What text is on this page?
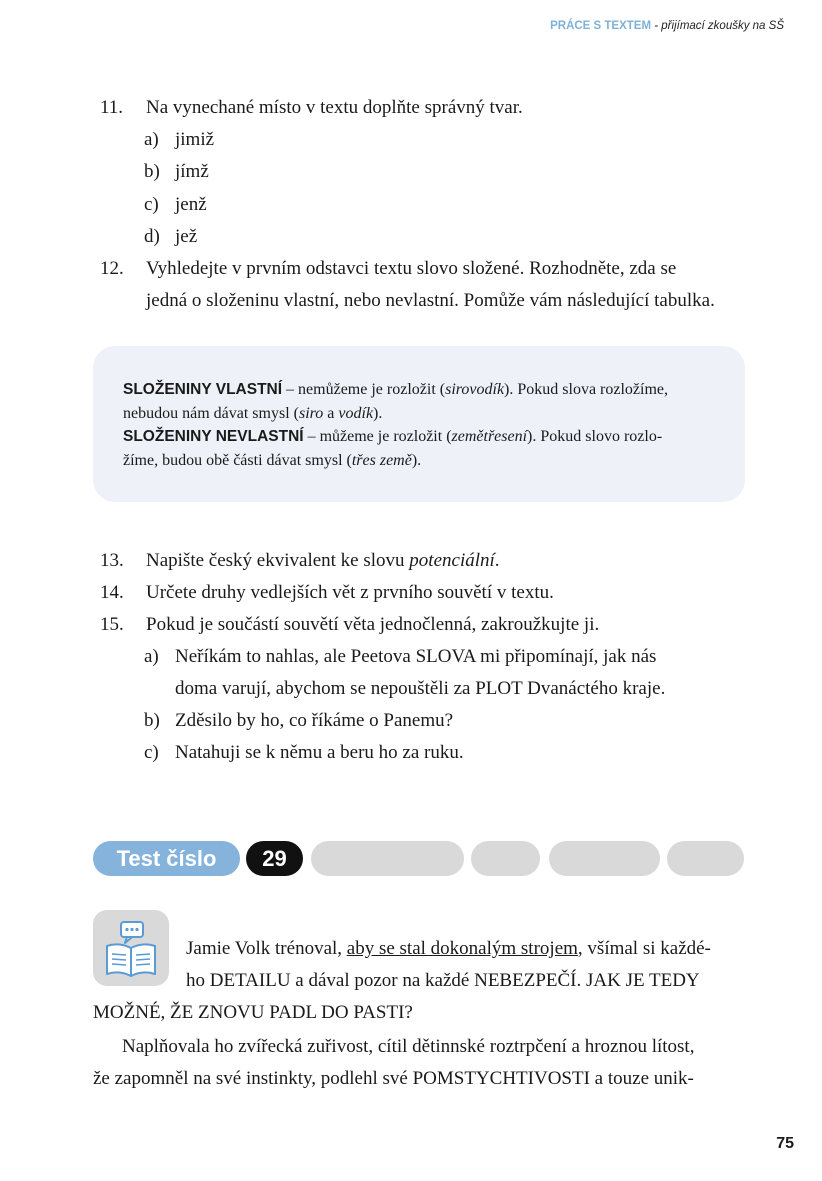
PRÁCE S TEXTEM - přijímací zkoušky na SŠ
11.	Na vynechané místo v textu doplňte správný tvar.
a) jimiž
b) jímž
c) jenž
d) jež
12.	Vyhledejte v prvním odstavci textu slovo složené. Rozhodněte, zda se
jedná o složeninu vlastní, nebo nevlastní. Pomůže vám následující tabulka.
SLOŽENINY VLASTNÍ – nemůžeme je rozložit (sirovodík). Pokud slova rozložíme,
nebudou nám dávat smysl (siro a vodík).
SLOŽENINY NEVLASTNÍ – můžeme je rozložit (zemětřesení). Pokud slovo rozlo-
žíme, budou obě části dávat smysl (třes země).
13.	Napište český ekvivalent ke slovu potenciální.
14.	Určete druhy vedlejších vět z prvního souvětí v textu.
15.	Pokud je součástí souvětí věta jednočlenná, zakroužkujte ji.
a) Neříkám to nahlas, ale Peetova SLOVA mi připomínají, jak nás
doma varují, abychom se nepouštěli za PLOT Dvanáctého kraje.
b) Zděsilo by ho, co říkáme o Panemu?
c) Natahuji se k němu a beru ho za ruku.
Test číslo	29
Jamie Volk trénoval, aby se stal dokonalým strojem, všímal si každé-
ho DETAILU a dával pozor na každé NEBEZPEČÍ. JAK JE TEDY
MOŽNÉ, ŽE ZNOVU PADL DO PASTI?
Naplňovala ho zvířecká zuřivost, cítil dětinnské roztrpčení a hroznou lítost,
že zapomněl na své instinkty, podlehl své POMSTYCHTIVOSTI a touze unik-
75
